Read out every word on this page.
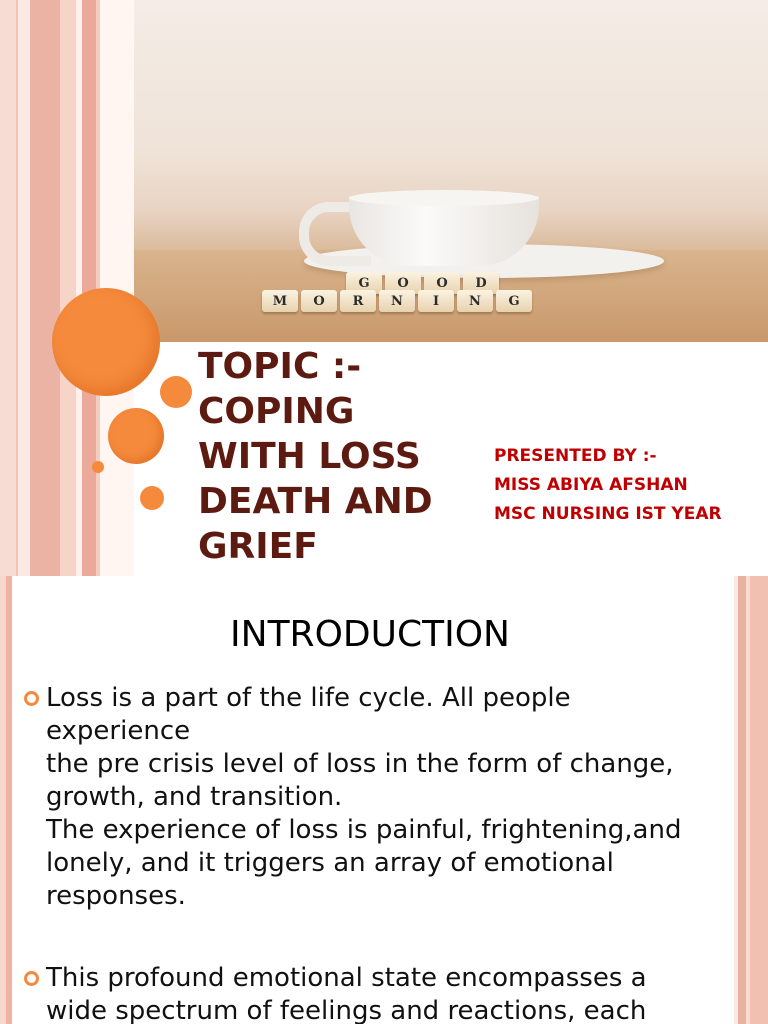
G	O	O	D
M	O	R	N	I	N	G
TOPIC :-
COPING
WITH LOSS
DEATH AND
GRIEF
PRESENTED BY :-
MISS ABIYA AFSHAN
MSC NURSING IST YEAR
INTRODUCTION
Loss is a part of the life cycle. All people
experience
the pre crisis level of loss in the form of change,
growth, and transition.
The experience of loss is painful, frightening,and
lonely, and it triggers an array of emotional
responses.
This profound emotional state encompasses a
wide spectrum of feelings and reactions, each
